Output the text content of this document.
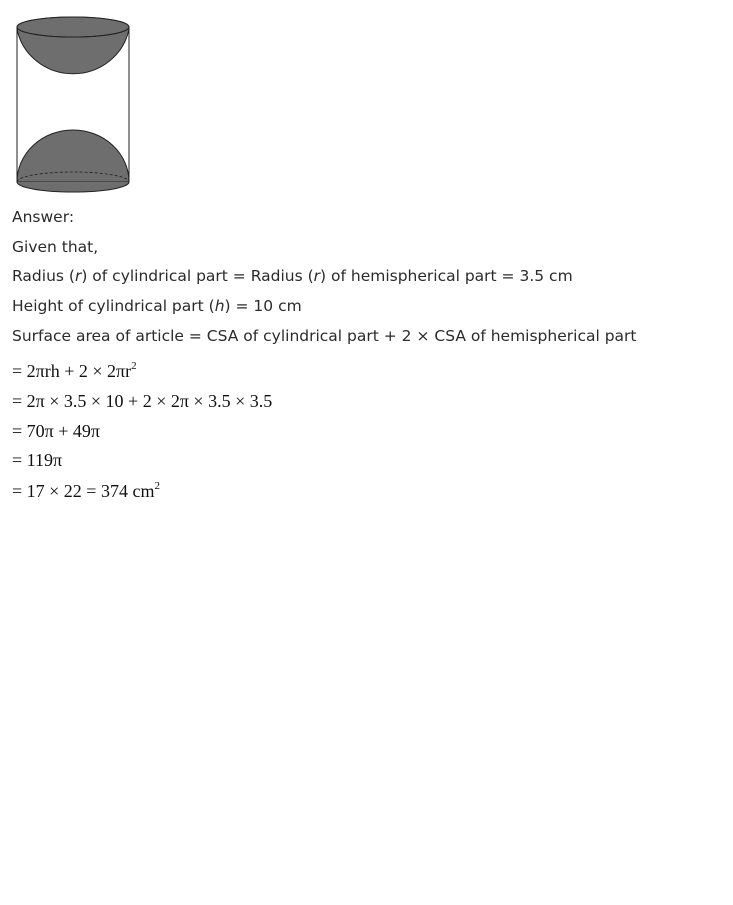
Answer:
Given that,
Radius (r) of cylindrical part = Radius (r) of hemispherical part = 3.5 cm
Height of cylindrical part (h) = 10 cm
Surface area of article = CSA of cylindrical part + 2 × CSA of hemispherical part
= $2\pi rh + 2 \times 2\pi r^2$
= 2π × 3.5 × 10 + 2 × 2π × 3.5 × 3.5
= 70π + 49π
= 119π
= 17 × 22 = 374 $cm^2$
